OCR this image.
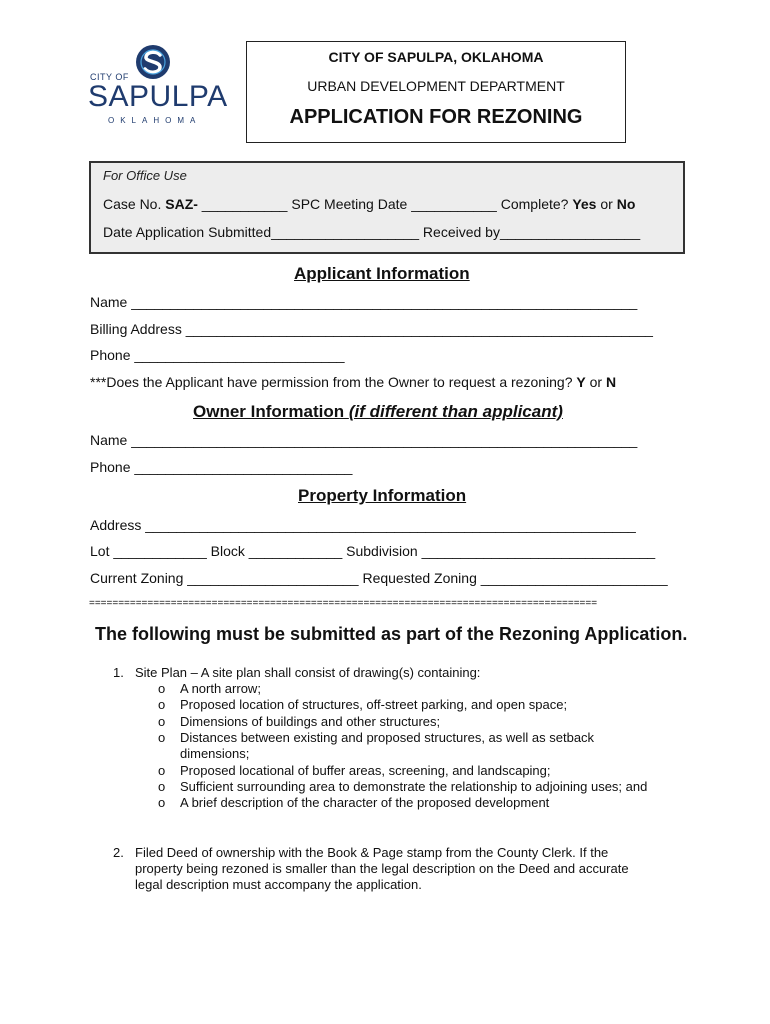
CITY OF
SAPULPA
OKLAHOMA
CITY OF SAPULPA, OKLAHOMA
URBAN DEVELOPMENT DEPARTMENT
APPLICATION FOR REZONING
For Office Use
Case No. SAZ- ___________ SPC Meeting Date ___________ Complete? Yes or No
Date Application Submitted___________________ Received by__________________
Applicant Information
Name _________________________________________________________________
Billing Address ____________________________________________________________
Phone ___________________________
***Does the Applicant have permission from the Owner to request a rezoning? Y or N
Owner Information (if different than applicant)
Name _________________________________________________________________
Phone ____________________________
Property Information
Address _______________________________________________________________
Lot ____________ Block ____________ Subdivision ______________________________
Current Zoning ______________________ Requested Zoning ________________________
=======================================================================================
The following must be submitted as part of the Rezoning Application.
1. Site Plan – A site plan shall consist of drawing(s) containing:
o A north arrow;
o Proposed location of structures, off-street parking, and open space;
o Dimensions of buildings and other structures;
o Distances between existing and proposed structures, as well as setback
dimensions;
o Proposed locational of buffer areas, screening, and landscaping;
o Sufficient surrounding area to demonstrate the relationship to adjoining uses; and
o A brief description of the character of the proposed development
2. Filed Deed of ownership with the Book & Page stamp from the County Clerk. If the
property being rezoned is smaller than the legal description on the Deed and accurate
legal description must accompany the application.
